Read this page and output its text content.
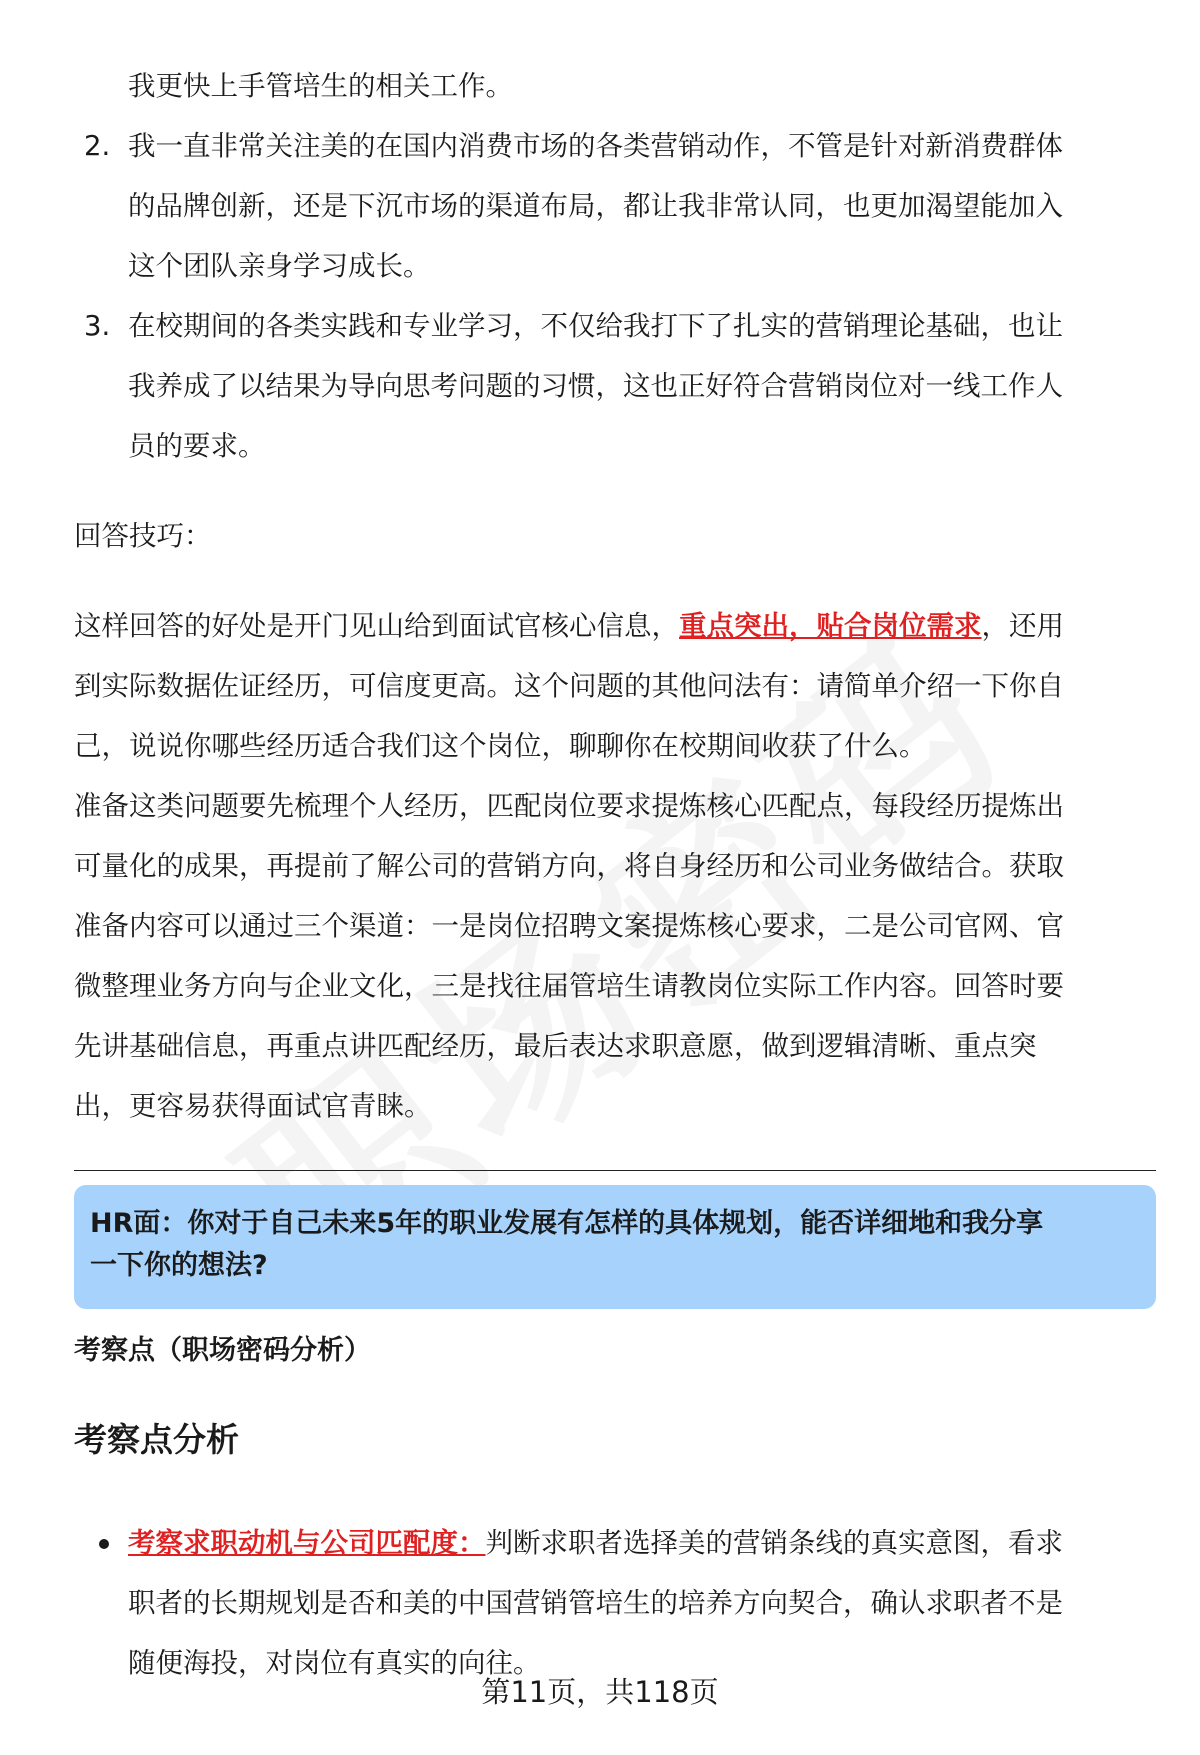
我更快上手管培生的相关工作。
2. 我一直非常关注美的在国内消费市场的各类营销动作，不管是针对新消费群体
的品牌创新，还是下沉市场的渠道布局，都让我非常认同，也更加渴望能加入
这个团队亲身学习成长。
3. 在校期间的各类实践和专业学习，不仅给我打下了扎实的营销理论基础，也让
我养成了以结果为导向思考问题的习惯，这也正好符合营销岗位对一线工作人
员的要求。
回答技巧：
这样回答的好处是开门见山给到面试官核心信息，重点突出，贴合岗位需求，还用
到实际数据佐证经历，可信度更高。这个问题的其他问法有：请简单介绍一下你自
己，说说你哪些经历适合我们这个岗位，聊聊你在校期间收获了什么。
准备这类问题要先梳理个人经历，匹配岗位要求提炼核心匹配点，每段经历提炼出
可量化的成果，再提前了解公司的营销方向，将自身经历和公司业务做结合。获取
准备内容可以通过三个渠道：一是岗位招聘文案提炼核心要求，二是公司官网、官
微整理业务方向与企业文化，三是找往届管培生请教岗位实际工作内容。回答时要
先讲基础信息，再重点讲匹配经历，最后表达求职意愿，做到逻辑清晰、重点突
出，更容易获得面试官青睐。
HR面：你对于自己未来5年的职业发展有怎样的具体规划，能否详细地和我分享
一下你的想法?
考察点（职场密码分析）
考察点分析
考察求职动机与公司匹配度：判断求职者选择美的营销条线的真实意图，看求
职者的长期规划是否和美的中国营销管培生的培养方向契合，确认求职者不是
随便海投，对岗位有真实的向往。
第11页，共118页
